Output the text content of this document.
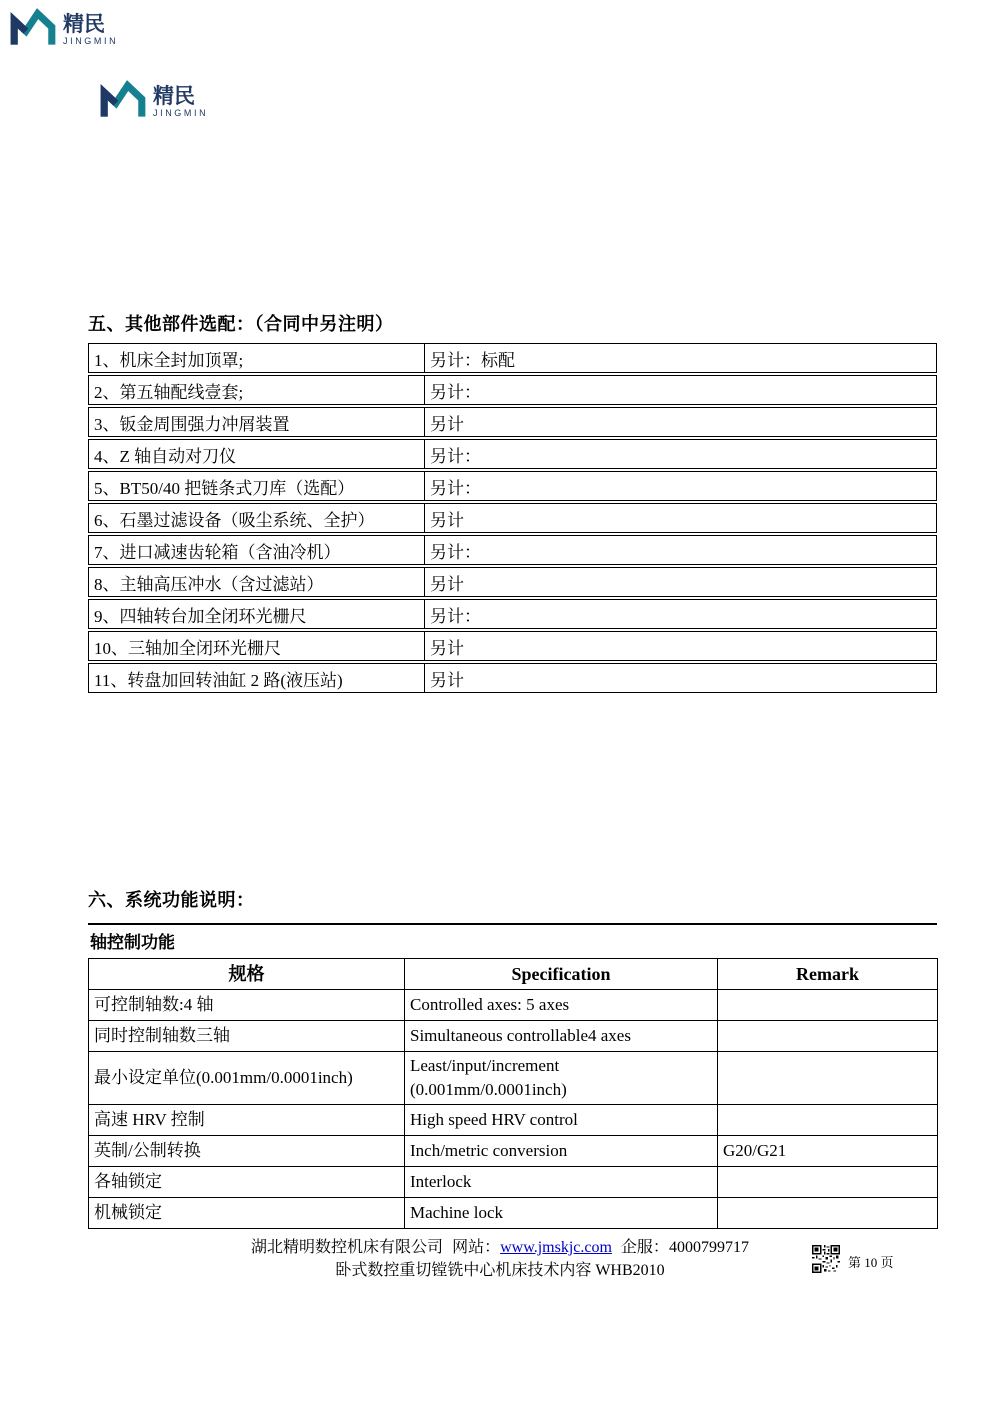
精民
JINGMIN
精民
JINGMIN
五、其他部件选配：（合同中另注明）
1、机床全封加顶罩;	另计：标配
2、第五轴配线壹套;	另计：
3、钣金周围强力冲屑装置	另计
4、Z 轴自动对刀仪	另计：
5、BT50/40 把链条式刀库（选配）	另计：
6、石墨过滤设备（吸尘系统、全护）	另计
7、进口减速齿轮箱（含油冷机）	另计：
8、主轴高压冲水（含过滤站）	另计
9、四轴转台加全闭环光栅尺	另计：
10、三轴加全闭环光栅尺	另计
11、转盘加回转油缸 2 路(液压站)	另计
六、系统功能说明：
轴控制功能
规格	Specification	Remark
可控制轴数:4 轴	Controlled axes: 5 axes	
同时控制轴数三轴	Simultaneous controllable4 axes	
最小设定单位(0.001mm/0.0001inch)	Least/input/increment (0.001mm/0.0001inch)	
高速 HRV 控制	High speed HRV control	
英制/公制转换	Inch/metric conversion	G20/G21
各轴锁定	Interlock	
机械锁定	Machine lock	
湖北精明数控机床有限公司 网站：www.jmskjc.com 企服：4000799717
卧式数控重切镗铣中心机床技术内容 WHB2010	第 10 页
